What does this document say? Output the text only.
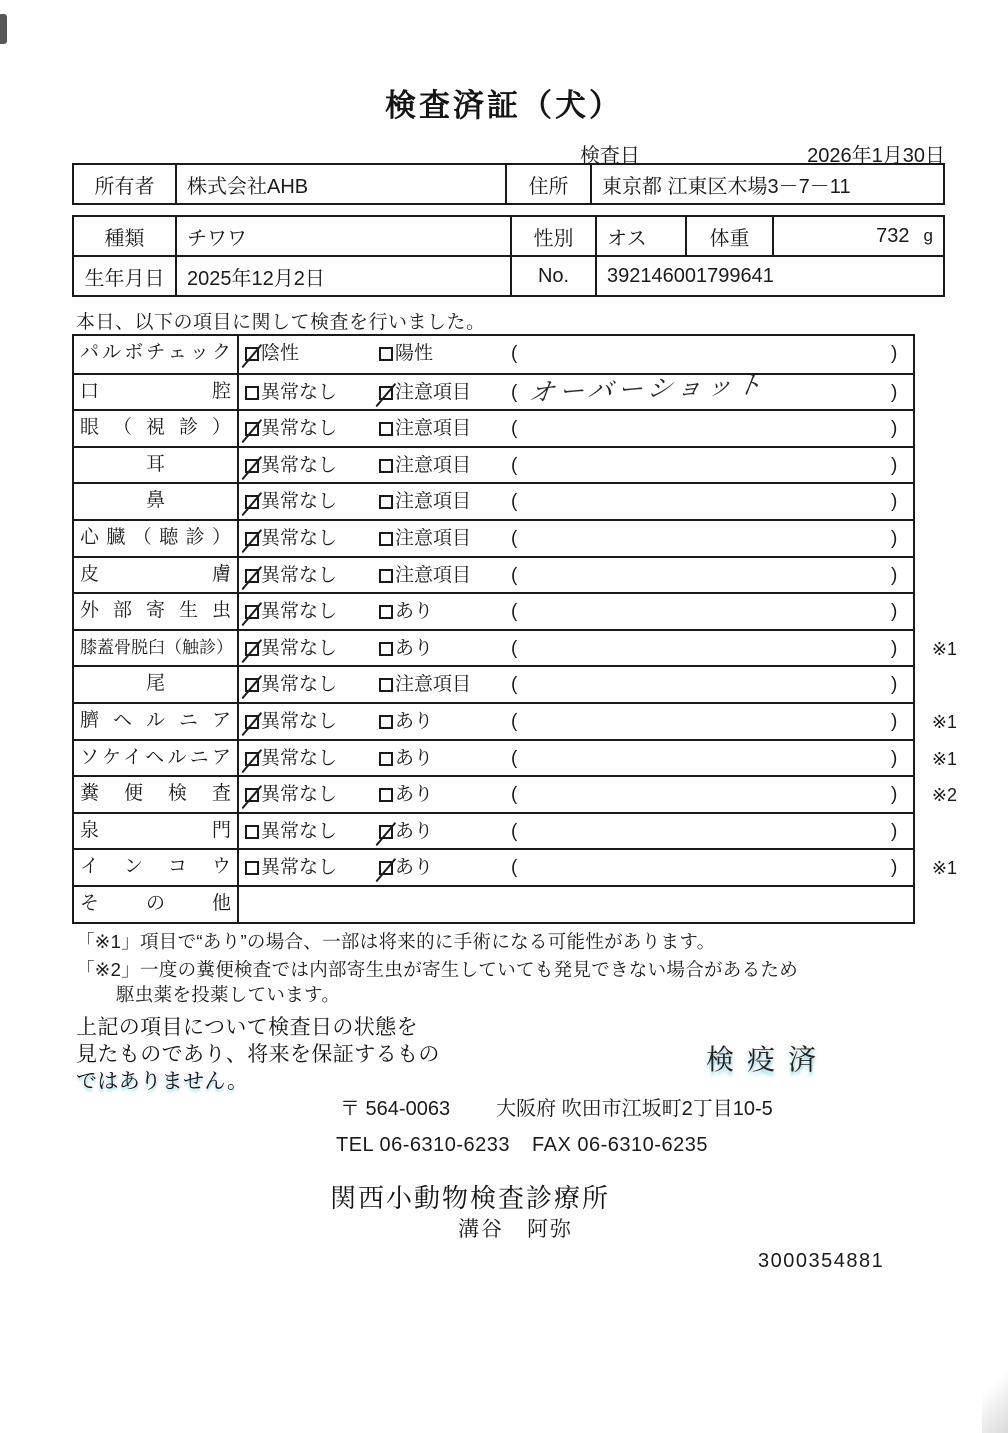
検査済証（犬）
検査日	2026年1月30日
所有者	株式会社AHB	住所	東京都 江東区木場3－7－11
種類	チワワ	性別	オス	体重	732 g
生年月日	2025年12月2日	No.	392146001799641
本日、以下の項目に関して検査を行いました。
パルボチェック	陰性	陽性	(	)
口腔	異常なし	注意項目 ( オーバーショット	)
眼（視診）	異常なし	注意項目 (	)
耳	異常なし	注意項目 (	)
鼻	異常なし	注意項目 (	)
心臓（聴診）	異常なし	注意項目 (	)
皮膚	異常なし	注意項目 (	)
外部寄生虫	異常なし	あり	(	)
膝蓋骨脱臼（触診）	異常なし	あり	(	) ※1
尾	異常なし	注意項目 (	)
臍ヘルニア	異常なし	あり	(	) ※1
ソケイヘルニア	異常なし	あり	(	) ※1
糞便検査	異常なし	あり	(	) ※2
泉門	異常なし	あり	(	)
インコウ	異常なし	あり	(	) ※1
その他
「※1」項目で“あり”の場合、一部は将来的に手術になる可能性があります。
「※2」一度の糞便検査では内部寄生虫が寄生していても発見できない場合があるため
駆虫薬を投薬しています。
上記の項目について検査日の状態を
見たものであり、将来を保証するもの
ではありません。
検疫済
〒 564-0063 大阪府 吹田市江坂町2丁目10-5
TEL 06-6310-6233 FAX 06-6310-6235
関西小動物検査診療所
溝谷　阿弥
3000354881
